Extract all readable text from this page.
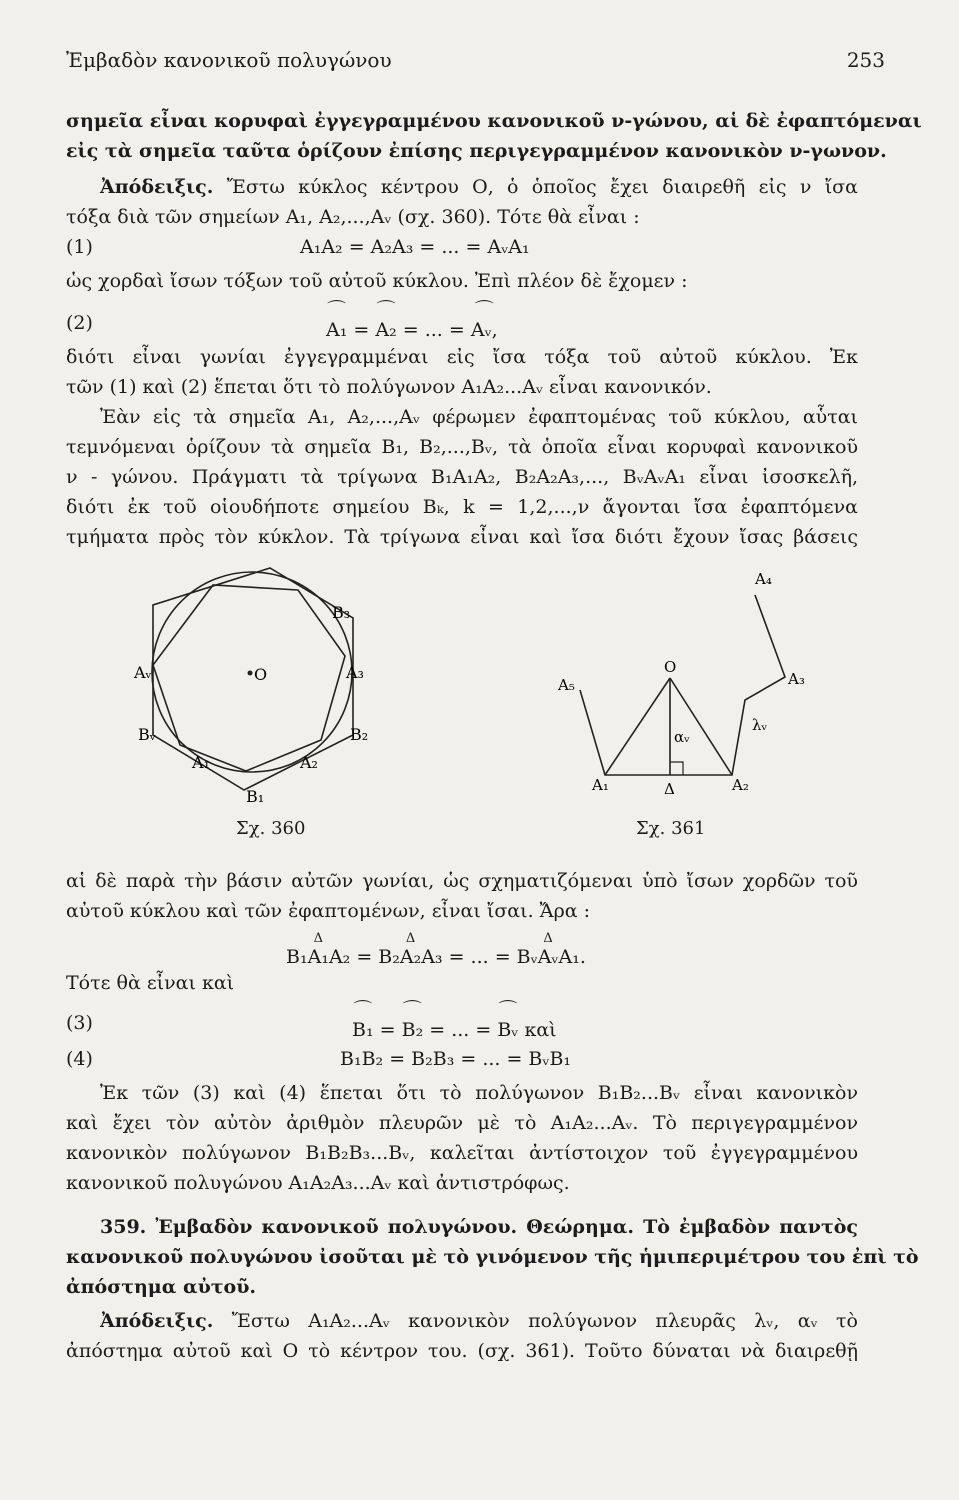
Ἐμβαδὸν κανονικοῦ πολυγώνου	253
σημεῖα εἶναι κορυφαὶ ἐγγεγραμμένου κανονικοῦ ν-γώνου, αἱ δὲ ἐφαπτόμεναι
εἰς τὰ σημεῖα ταῦτα ὁρίζουν ἐπίσης περιγεγραμμένον κανονικὸν ν-γωνον.
Ἀπόδειξις. Ἔστω κύκλος κέντρου Ο, ὁ ὁποῖος ἔχει διαιρεθῆ εἰς ν ἴσα
τόξα διὰ τῶν σημείων A₁, A₂,...,Aᵥ (σχ. 360). Τότε θὰ εἶναι :
(1)	A₁A₂ = A₂A₃ = ... = AᵥA₁
ὡς χορδαὶ ἴσων τόξων τοῦ αὐτοῦ κύκλου. Ἐπὶ πλέον δὲ ἔχομεν :
(2)
⌒
A₁ =
⌒
A₂ = ... =
⌒
Aᵥ,
διότι εἶναι γωνίαι ἐγγεγραμμέναι εἰς ἴσα τόξα τοῦ αὐτοῦ κύκλου. Ἐκ
τῶν (1) καὶ (2) ἕπεται ὅτι τὸ πολύγωνον A₁A₂...Aᵥ εἶναι κανονικόν.
Ἐὰν εἰς τὰ σημεῖα A₁, A₂,...,Aᵥ φέρωμεν ἐφαπτομένας τοῦ κύκλου, αὗται
τεμνόμεναι ὁρίζουν τὰ σημεῖα B₁, B₂,...,Bᵥ, τὰ ὁποῖα εἶναι κορυφαὶ κανονικοῦ
ν - γώνου. Πράγματι τὰ τρίγωνα B₁A₁A₂, B₂A₂A₃,..., BᵥAᵥA₁ εἶναι ἰσοσκελῆ,
διότι ἐκ τοῦ οἱουδήποτε σημείου Bₖ, k = 1,2,...,ν ἄγονται ἴσα ἐφαπτόμενα
τμήματα πρὸς τὸν κύκλον. Τὰ τρίγωνα εἶναι καὶ ἴσα διότι ἔχουν ἴσας βάσεις
B₃
Aᵥ	O	A₃
Bᵥ	B₂
A₁	A₂
B₁
Σχ. 360
A₄
O
A₅	A₃
αᵥ
λᵥ
A₁	Δ	A₂
Σχ. 361
αἱ δὲ παρὰ τὴν βάσιν αὐτῶν γωνίαι, ὡς σχηματιζόμεναι ὑπὸ ἴσων χορδῶν τοῦ
αὐτοῦ κύκλου καὶ τῶν ἐφαπτομένων, εἶναι ἴσαι. Ἄρα :
B₁
Δ
A₁A₂ = B₂
Δ
A₂A₃ = ... = Bᵥ
Δ
AᵥA₁.
Τότε θὰ εἶναι καὶ
(3)
⌒
B₁ =
⌒
B₂ = ... =
⌒
Bᵥ καὶ
(4)	B₁B₂ = B₂B₃ = ... = BᵥB₁
Ἐκ τῶν (3) καὶ (4) ἕπεται ὅτι τὸ πολύγωνον B₁B₂...Bᵥ εἶναι κανονικὸν
καὶ ἔχει τὸν αὐτὸν ἀριθμὸν πλευρῶν μὲ τὸ A₁A₂...Aᵥ. Τὸ περιγεγραμμένον
κανονικὸν πολύγωνον B₁B₂B₃...Bᵥ, καλεῖται ἀντίστοιχον τοῦ ἐγγεγραμμένου
κανονικοῦ πολυγώνου A₁A₂A₃...Aᵥ καὶ ἀντιστρόφως.
359. Ἐμβαδὸν κανονικοῦ πολυγώνου. Θεώρημα. Τὸ ἐμβαδὸν παντὸς
κανονικοῦ πολυγώνου ἰσοῦται μὲ τὸ γινόμενον τῆς ἡμιπεριμέτρου του ἐπὶ τὸ
ἀπόστημα αὐτοῦ.
Ἀπόδειξις. Ἔστω A₁A₂...Aᵥ κανονικὸν πολύγωνον πλευρᾶς λᵥ, αᵥ τὸ
ἀπόστημα αὐτοῦ καὶ Ο τὸ κέντρον του. (σχ. 361). Τοῦτο δύναται νὰ διαιρεθῇ
